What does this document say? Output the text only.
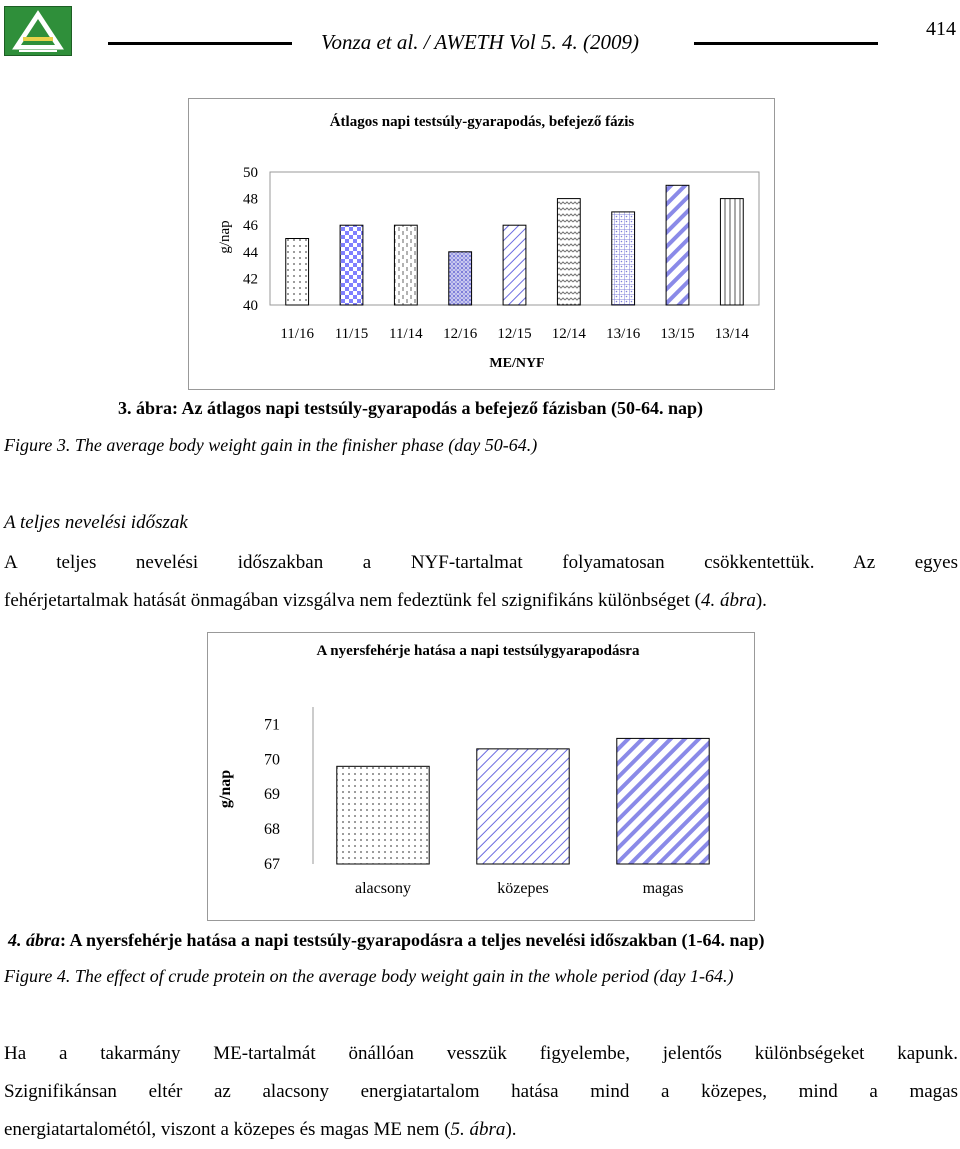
Vonza et al. / AWETH Vol 5. 4. (2009)
414
Átlagos napi testsúly-gyarapodás, befejező fázis
g/nap
ME/NYF
50
48
46
44
42
40
11/16 11/15 11/14 12/16 12/15 12/14 13/16 13/15 13/14
3. ábra: Az átlagos napi testsúly-gyarapodás a befejező fázisban (50-64. nap)
Figure 3. The average body weight gain in the finisher phase (day 50-64.)
A teljes nevelési időszak
A teljes nevelési időszakban a NYF-tartalmat folyamatosan csökkentettük. Az egyes
fehérjetartalmak hatását önmagában vizsgálva nem fedeztünk fel szignifikáns különbséget (4. ábra).
A nyersfehérje hatása a napi testsúlygyarapodásra
g/nap
71
70
69
68
67
alacsony	közepes	magas
4. ábra: A nyersfehérje hatása a napi testsúly-gyarapodásra a teljes nevelési időszakban (1-64. nap)
Figure 4. The effect of crude protein on the average body weight gain in the whole period (day 1-64.)
Ha a takarmány ME-tartalmát önállóan vesszük figyelembe, jelentős különbségeket kapunk.
Szignifikánsan eltér az alacsony energiatartalom hatása mind a közepes, mind a magas
energiatartalométól, viszont a közepes és magas ME nem (5. ábra).
